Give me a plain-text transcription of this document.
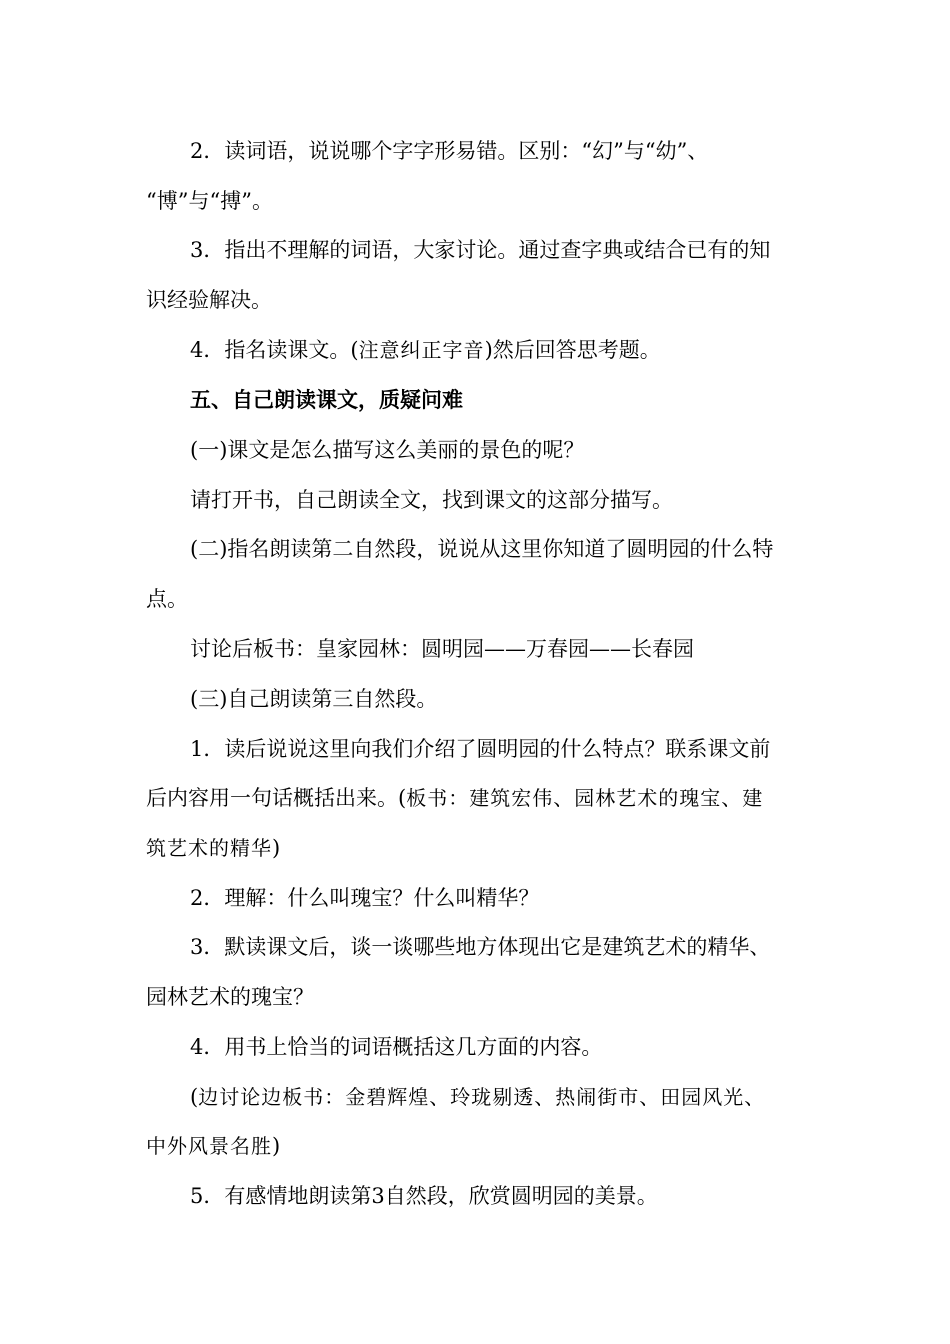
2．读词语，说说哪个字字形易错。区别：“幻”与“幼”、
“博”与“搏”。
3．指出不理解的词语，大家讨论。通过查字典或结合已有的知
识经验解决。
4．指名读课文。(注意纠正字音)然后回答思考题。
五、自己朗读课文，质疑问难
(一)课文是怎么描写这么美丽的景色的呢？
请打开书，自己朗读全文，找到课文的这部分描写。
(二)指名朗读第二自然段，说说从这里你知道了圆明园的什么特
点。
讨论后板书：皇家园林：圆明园——万春园——长春园
(三)自己朗读第三自然段。
1．读后说说这里向我们介绍了圆明园的什么特点？联系课文前
后内容用一句话概括出来。(板书：建筑宏伟、园林艺术的瑰宝、建
筑艺术的精华)
2．理解：什么叫瑰宝？什么叫精华？
3．默读课文后，谈一谈哪些地方体现出它是建筑艺术的精华、
园林艺术的瑰宝？
4．用书上恰当的词语概括这几方面的内容。
(边讨论边板书：金碧辉煌、玲珑剔透、热闹街市、田园风光、
中外风景名胜)
5．有感情地朗读第3自然段，欣赏圆明园的美景。
